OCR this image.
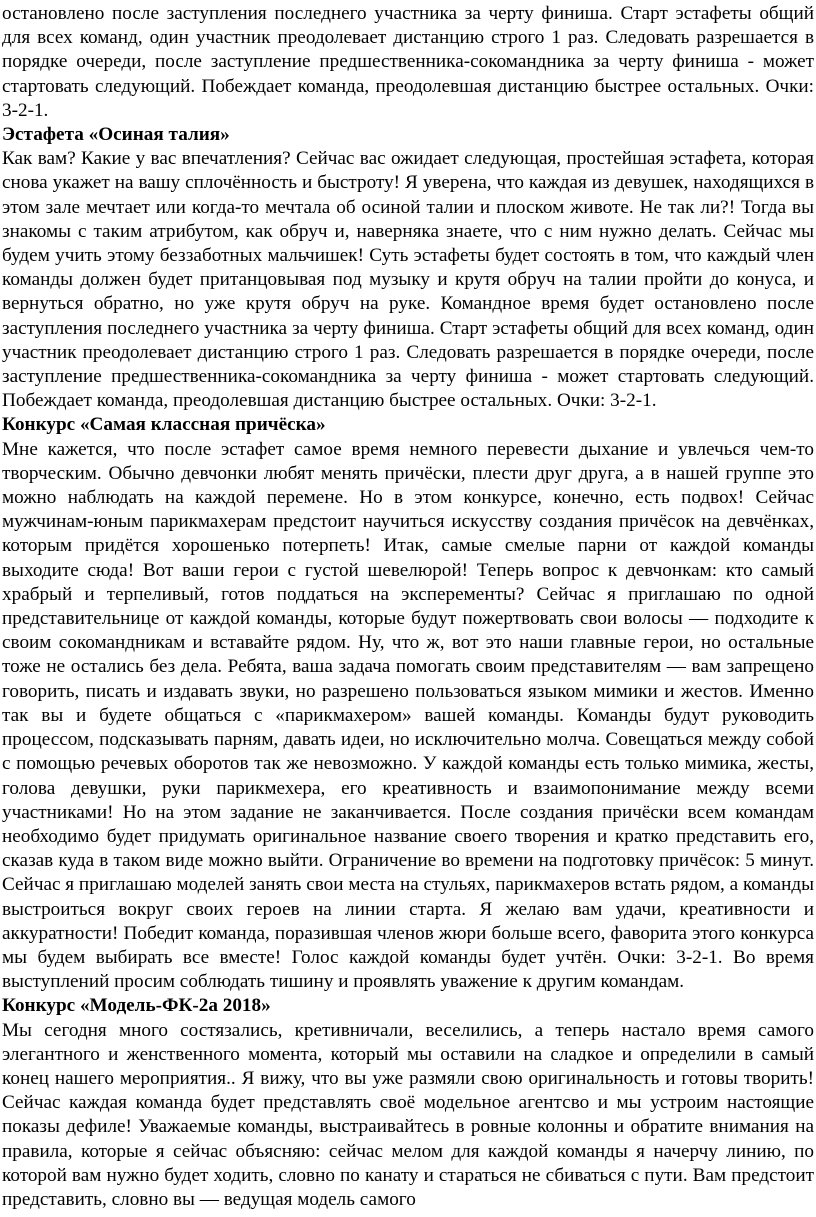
остановлено после заступления последнего участника за черту финиша. Старт эстафеты общий для всех команд, один участник преодолевает дистанцию строго 1 раз. Следовать разрешается в порядке очереди, после заступление предшественника-сокомандника за черту финиша - может стартовать следующий. Побеждает команда, преодолевшая дистанцию быстрее остальных. Очки: 3-2-1.

Эстафета «Осиная талия»

Как вам? Какие у вас впечатления? Сейчас вас ожидает следующая, простейшая эстафета, которая снова укажет на вашу сплочённость и быстроту! Я уверена, что каждая из девушек, находящихся в этом зале мечтает или когда-то мечтала об осиной талии и плоском животе. Не так ли?! Тогда вы знакомы с таким атрибутом, как обруч и, наверняка знаете, что с ним нужно делать. Сейчас мы будем учить этому беззаботных мальчишек! Суть эстафеты будет состоять в том, что каждый член команды должен будет пританцовывая под музыку и крутя обруч на талии пройти до конуса, и вернуться обратно, но уже крутя обруч на руке. Командное время будет остановлено после заступления последнего участника за черту финиша. Старт эстафеты общий для всех команд, один участник преодолевает дистанцию строго 1 раз. Следовать разрешается в порядке очереди, после заступление предшественника-сокомандника за черту финиша - может стартовать следующий. Побеждает команда, преодолевшая дистанцию быстрее остальных. Очки: 3-2-1.

Конкурс «Самая классная причёска»

Мне кажется, что после эстафет самое время немного перевести дыхание и увлечься чем-то творческим. Обычно девчонки любят менять причёски, плести друг друга, а в нашей группе это можно наблюдать на каждой перемене. Но в этом конкурсе, конечно, есть подвох! Сейчас мужчинам-юным парикмахерам предстоит научиться искусству создания причёсок на девчёнках, которым придётся хорошенько потерпеть! Итак, самые смелые парни от каждой команды выходите сюда! Вот ваши герои с густой шевелюрой! Теперь вопрос к девчонкам: кто самый храбрый и терпеливый, готов поддаться на эксперементы? Сейчас я приглашаю по одной представительнице от каждой команды, которые будут пожертвовать свои волосы — подходите к своим сокомандникам и вставайте рядом. Ну, что ж, вот это наши главные герои, но остальные тоже не остались без дела. Ребята, ваша задача помогать своим представителям — вам запрещено говорить, писать и издавать звуки, но разрешено пользоваться языком мимики и жестов. Именно так вы и будете общаться с «парикмахером» вашей команды. Команды будут руководить процессом, подсказывать парням, давать идеи, но исключительно молча. Совещаться между собой с помощью речевых оборотов так же невозможно. У каждой команды есть только мимика, жесты, голова девушки, руки парикмехера, его креативность и взаимопонимание между всеми участниками! Но на этом задание не заканчивается. После создания причёски всем командам необходимо будет придумать оригинальное название своего творения и кратко представить его, сказав куда в таком виде можно выйти. Ограничение во времени на подготовку причёсок: 5 минут. Сейчас я приглашаю моделей занять свои места на стульях, парикмахеров встать рядом, а команды выстроиться вокруг своих героев на линии старта. Я желаю вам удачи, креативности и аккуратности! Победит команда, поразившая членов жюри больше всего, фаворита этого конкурса мы будем выбирать все вместе! Голос каждой команды будет учтён. Очки: 3-2-1. Во время выступлений просим соблюдать тишину и проявлять уважение к другим командам.

Конкурс «Модель-ФК-2а 2018»

Мы сегодня много состязались, кретивничали, веселились, а теперь настало время самого элегантного и женственного момента, который мы оставили на сладкое и определили в самый конец нашего мероприятия.. Я вижу, что вы уже размяли свою оригинальность и готовы творить! Сейчас каждая команда будет представлять своё модельное агентсво и мы устроим настоящие показы дефиле! Уважаемые команды, выстраивайтесь в ровные колонны и обратите внимания на правила, которые я сейчас объясняю: сейчас мелом для каждой команды я начерчу линию, по которой вам нужно будет ходить, словно по канату и стараться не сбиваться с пути. Вам предстоит представить, словно вы — ведущая модель самого
